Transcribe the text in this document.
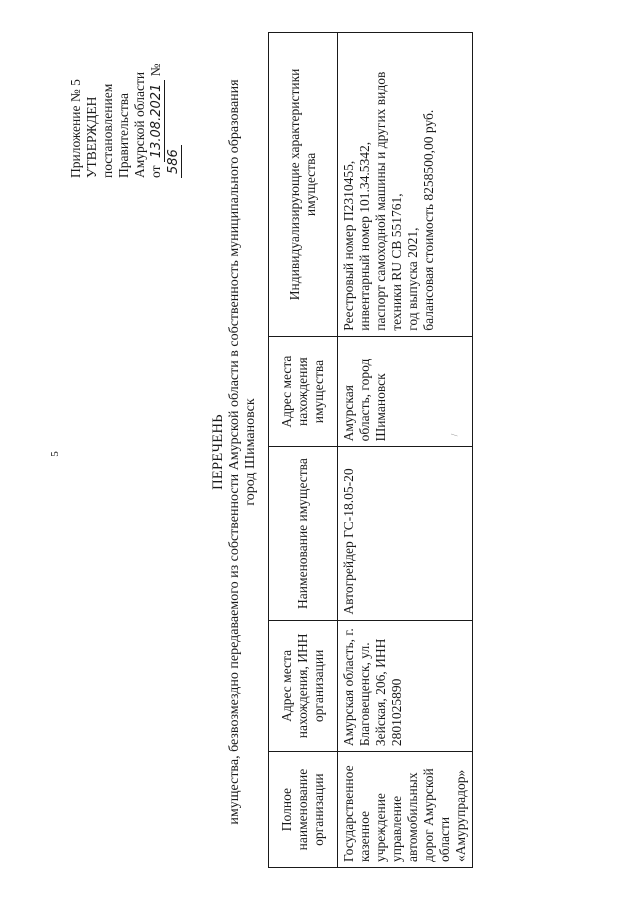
5
/
Приложение № 5 УТВЕРЖДЕН постановлением Правительства Амурской области от 13.08.2021 № 586
ПЕРЕЧЕНЬ имущества, безвозмездно передаваемого из собственности Амурской области в собственность муниципального образования город Шимановск
Полное наименование организации	Адрес места нахождения, ИНН организации	Наименование имущества	Адрес места нахождения имущества	Индивидуализирующие характеристики имущества
Государственное казенное учреждение управление автомобильных дорог Амурской области «Амурупрадор»	Амурская область, г. Благовещенск, ул. Зейская, 206, ИНН 2801025890	Автогрейдер ГС-18.05-20	Амурская область, город Шимановск	Реестровый номер П2310455, инвентарный номер 101.34.5342, паспорт самоходной машины и других видов техники RU CB 551761, год выпуска 2021, балансовая стоимость 8258500,00 руб.
